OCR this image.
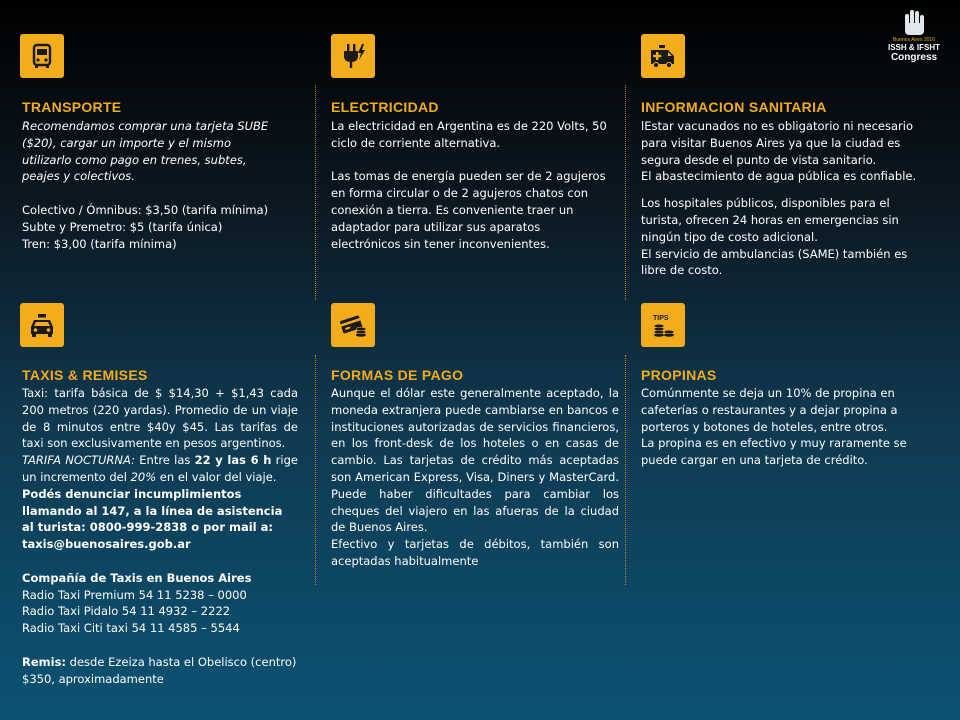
Buenos Aires 2016
ISSH & IFSHT
Congress
TRANSPORTE

Recomendamos comprar una tarjeta SUBE ($20), cargar un importe y el mismo utilizarlo como pago en trenes, subtes, peajes y colectivos.

Colectivo / Ómnibus: $3,50 (tarifa mínima)

Subte y Premetro: $5 (tarifa única)

Tren: $3,00 (tarifa mínima)

ELECTRICIDAD

La electricidad en Argentina es de 220 Volts, 50 ciclo de corriente alternativa.

Las tomas de energía pueden ser de 2 agujeros en forma circular o de 2 agujeros chatos con conexión a tierra. Es conveniente traer un adaptador para utilizar sus aparatos electrónicos sin tener inconvenientes.

INFORMACION SANITARIA

lEstar vacunados no es obligatorio ni necesario para visitar Buenos Aires ya que la ciudad es segura desde el punto de vista sanitario.

El abastecimiento de agua pública es confiable.

Los hospitales públicos, disponibles para el turista, ofrecen 24 horas en emergencias sin ningún tipo de costo adicional.

El servicio de ambulancias (SAME) también es libre de costo.

TAXIS & REMISES

Taxi: tarifa básica de $ $14,30 + $1,43 cada 200 metros (220 yardas). Promedio de un viaje de 8 minutos entre $40y $45. Las tarifas de taxi son exclusivamente en pesos argentinos.

TARIFA NOCTURNA: Entre las 22 y las 6 h rige un incremento del 20% en el valor del viaje.

Podés denunciar incumplimientos llamando al 147, a la línea de asistencia al turista: 0800-999-2838 o por mail a: taxis@buenosaires.gob.ar

Compañía de Taxis en Buenos Aires

Radio Taxi Premium 54 11 5238 – 0000

Radio Taxi Pidalo 54 11 4932 – 2222

Radio Taxi Citi taxi 54 11 4585 – 5544

Remis: desde Ezeiza hasta el Obelisco (centro) $350, aproximadamente

FORMAS DE PAGO

Aunque el dólar este generalmente aceptado, la moneda extranjera puede cambiarse en bancos e instituciones autorizadas de servicios financieros, en los front-desk de los hoteles o en casas de cambio. Las tarjetas de crédito más aceptadas son American Express, Visa, Diners y MasterCard. Puede haber dificultades para cambiar los cheques del viajero en las afueras de la ciudad de Buenos Aires.

Efectivo y tarjetas de débitos, también son aceptadas habitualmente

TIPS
PROPINAS

Comúnmente se deja un 10% de propina en cafeterías o restaurantes y a dejar propina a porteros y botones de hoteles, entre otros.

La propina es en efectivo y muy raramente se puede cargar en una tarjeta de crédito.
